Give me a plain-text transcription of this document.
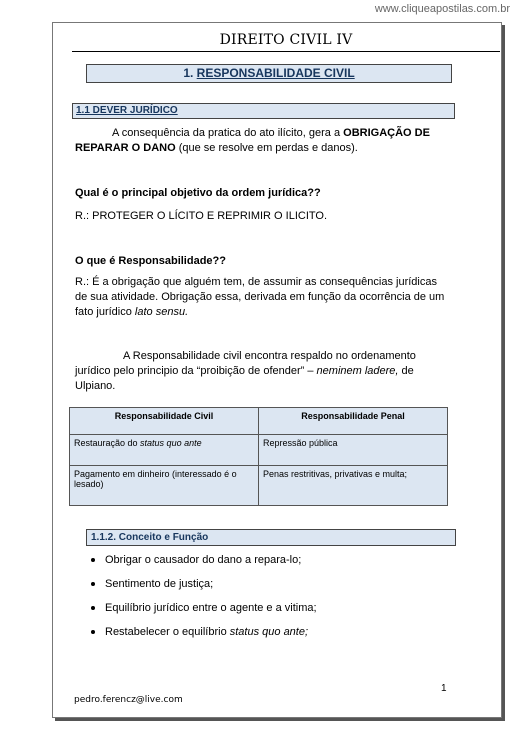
www.cliqueapostilas.com.br
DIREITO CIVIL IV
1. RESPONSABILIDADE CIVIL
1.1 DEVER JURÍDICO
A consequência da pratica do ato ilícito, gera a OBRIGAÇÃO DE REPARAR O DANO (que se resolve em perdas e danos).
Qual é o principal objetivo da ordem jurídica??
R.: PROTEGER O LÍCITO E REPRIMIR O ILICITO.
O que é Responsabilidade??
R.: É a obrigação que alguém tem, de assumir as consequências jurídicas de sua atividade. Obrigação essa, derivada em função da ocorrência de um fato jurídico lato sensu.
A Responsabilidade civil encontra respaldo no ordenamento jurídico pelo principio da “proibição de ofender” – neminem ladere, de Ulpiano.
Responsabilidade Civil	Responsabilidade Penal
Restauração do status quo ante	Repressão pública
Pagamento em dinheiro (interessado é o lesado)	Penas restritivas, privativas e multa;
1.1.2. Conceito e Função
Obrigar o causador do dano a repara-lo;
Sentimento de justiça;
Equilíbrio jurídico entre o agente e a vitima;
Restabelecer o equilíbrio status quo ante;
1
pedro.ferencz@live.com
